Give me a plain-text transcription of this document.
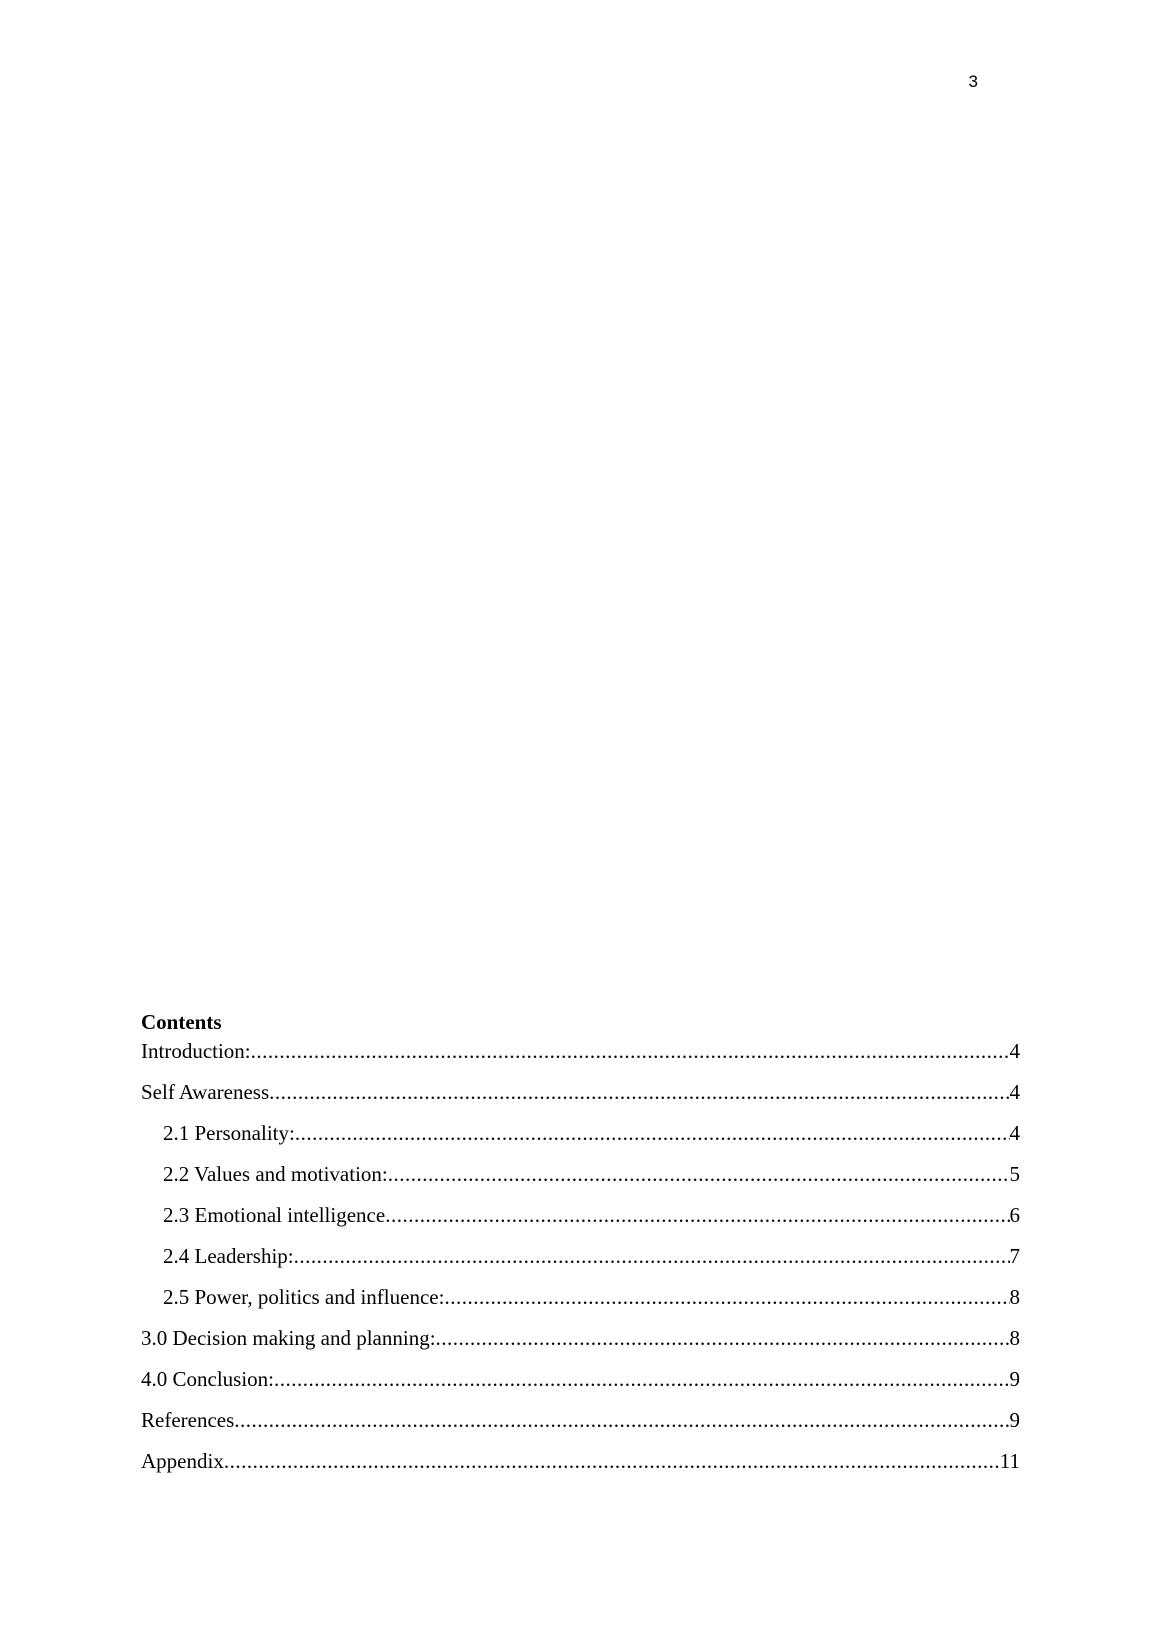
3
Contents
Introduction: .....	4
Self Awareness .....	4
2.1 Personality: .....	4
2.2 Values and motivation: .....	5
2.3 Emotional intelligence .....	6
2.4 Leadership: .....	7
2.5 Power, politics and influence: .....	8
3.0 Decision making and planning: .....	8
4.0 Conclusion: .....	9
References .....	9
Appendix .....	11
